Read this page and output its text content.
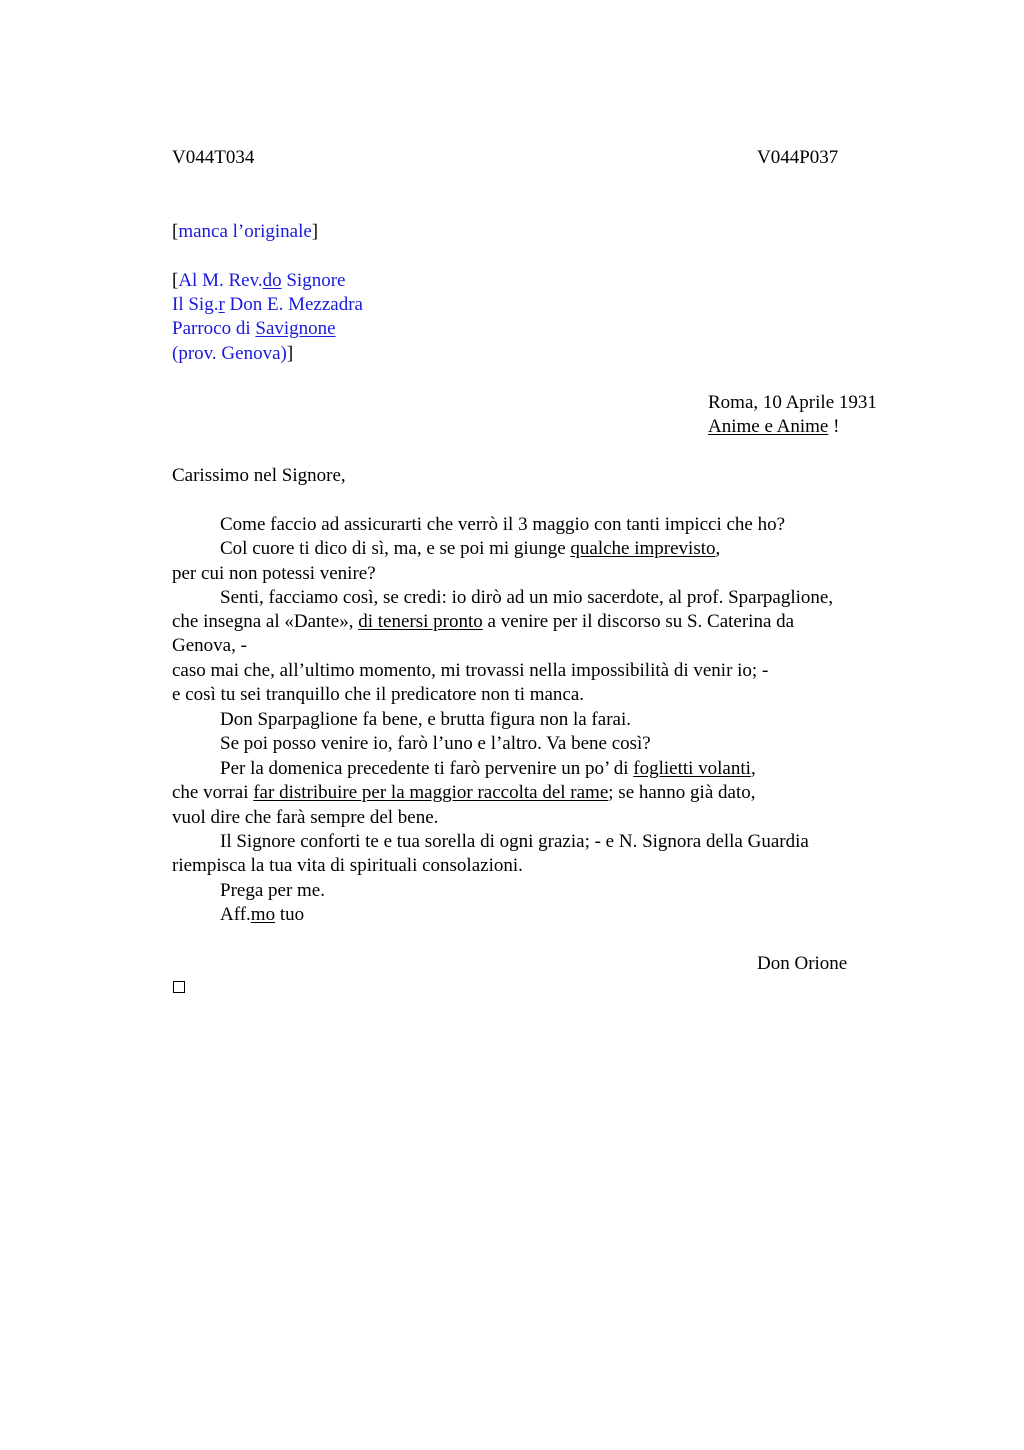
V044T034	V044P037
[manca l’originale]
[Al M. Rev.do Signore
Il Sig.r Don E. Mezzadra
Parroco di Savignone
(prov. Genova)]
Roma, 10 Aprile 1931
Anime e Anime !
Carissimo nel Signore,
Come faccio ad assicurarti che verrò il 3 maggio con tanti impicci che ho?
Col cuore ti dico di sì, ma, e se poi mi giunge qualche imprevisto,
per cui non potessi venire?
Senti, facciamo così, se credi: io dirò ad un mio sacerdote, al prof. Sparpaglione,
che insegna al «Dante», di tenersi pronto a venire per il discorso su S. Caterina da
Genova, -
caso mai che, all’ultimo momento, mi trovassi nella impossibilità di venir io; -
e così tu sei tranquillo che il predicatore non ti manca.
Don Sparpaglione fa bene, e brutta figura non la farai.
Se poi posso venire io, farò l’uno e l’altro. Va bene così?
Per la domenica precedente ti farò pervenire un po’ di foglietti volanti,
che vorrai far distribuire per la maggior raccolta del rame; se hanno già dato,
vuol dire che farà sempre del bene.
Il Signore conforti te e tua sorella di ogni grazia; - e N. Signora della Guardia
riempisca la tua vita di spirituali consolazioni.
Prega per me.
Aff.mo tuo
Don Orione
